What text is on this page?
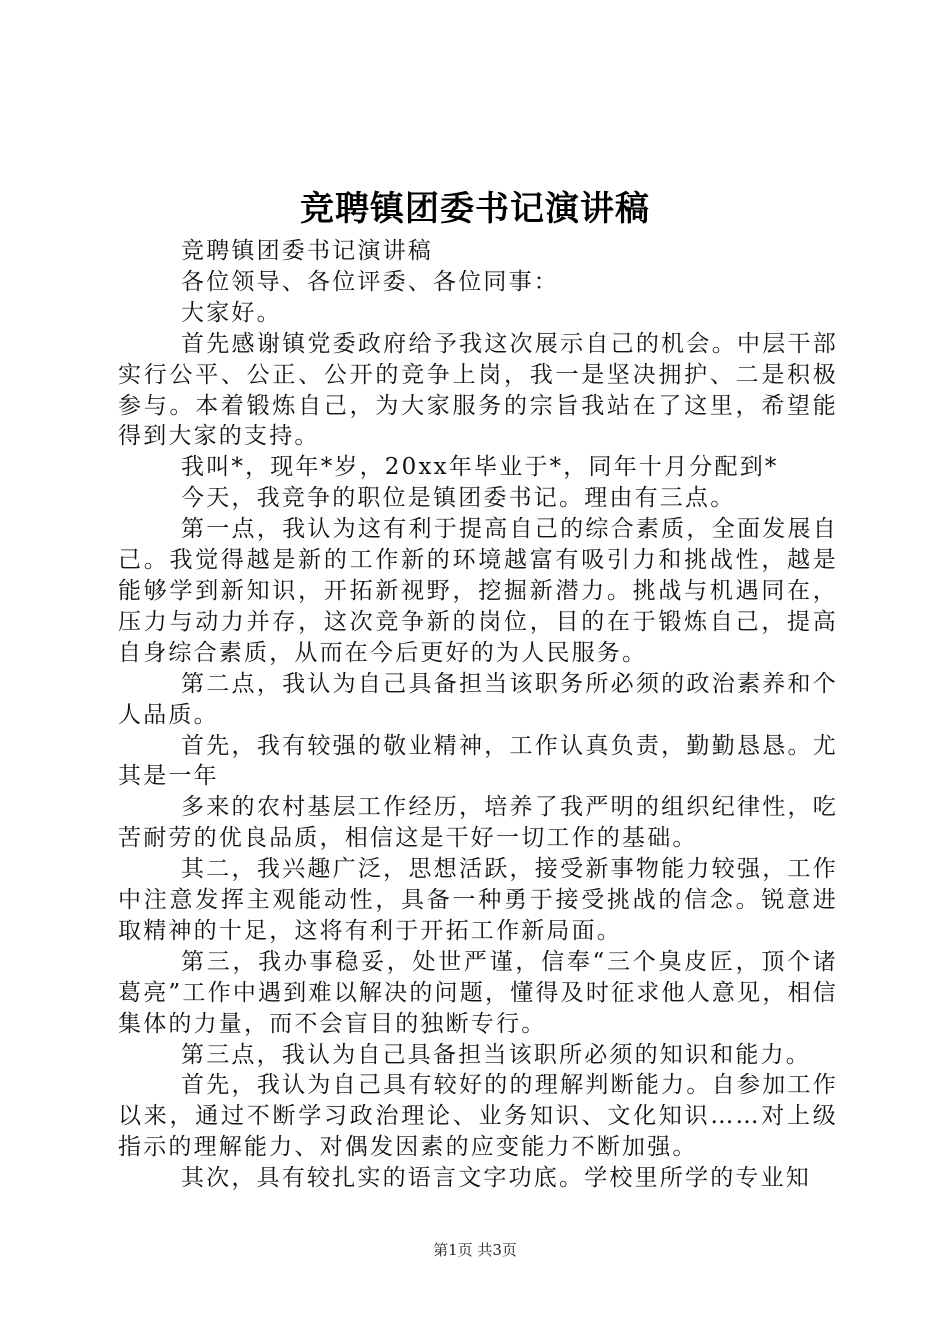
竞聘镇团委书记演讲稿

竞聘镇团委书记演讲稿

各位领导、各位评委、各位同事：

大家好。

首先感谢镇党委政府给予我这次展示自己的机会。中层干部实行公平、公正、公开的竞争上岗，我一是坚决拥护、二是积极参与。本着锻炼自己，为大家服务的宗旨我站在了这里，希望能得到大家的支持。

我叫*，现年*岁，20xx年毕业于*，同年十月分配到*

今天，我竞争的职位是镇团委书记。理由有三点。

第一点，我认为这有利于提高自己的综合素质，全面发展自己。我觉得越是新的工作新的环境越富有吸引力和挑战性，越是能够学到新知识，开拓新视野，挖掘新潜力。挑战与机遇同在，压力与动力并存，这次竞争新的岗位，目的在于锻炼自己，提高自身综合素质，从而在今后更好的为人民服务。

第二点，我认为自己具备担当该职务所必须的政治素养和个人品质。

首先，我有较强的敬业精神，工作认真负责，勤勤恳恳。尤其是一年

多来的农村基层工作经历，培养了我严明的组织纪律性，吃苦耐劳的优良品质，相信这是干好一切工作的基础。

其二，我兴趣广泛，思想活跃，接受新事物能力较强，工作中注意发挥主观能动性，具备一种勇于接受挑战的信念。锐意进取精神的十足，这将有利于开拓工作新局面。

第三，我办事稳妥，处世严谨，信奉“三个臭皮匠，顶个诸葛亮”工作中遇到难以解决的问题，懂得及时征求他人意见，相信集体的力量，而不会盲目的独断专行。

第三点，我认为自己具备担当该职所必须的知识和能力。

首先，我认为自己具有较好的的理解判断能力。自参加工作以来，通过不断学习政治理论、业务知识、文化知识……对上级指示的理解能力、对偶发因素的应变能力不断加强。

其次，具有较扎实的语言文字功底。学校里所学的专业知

第1页 共3页
